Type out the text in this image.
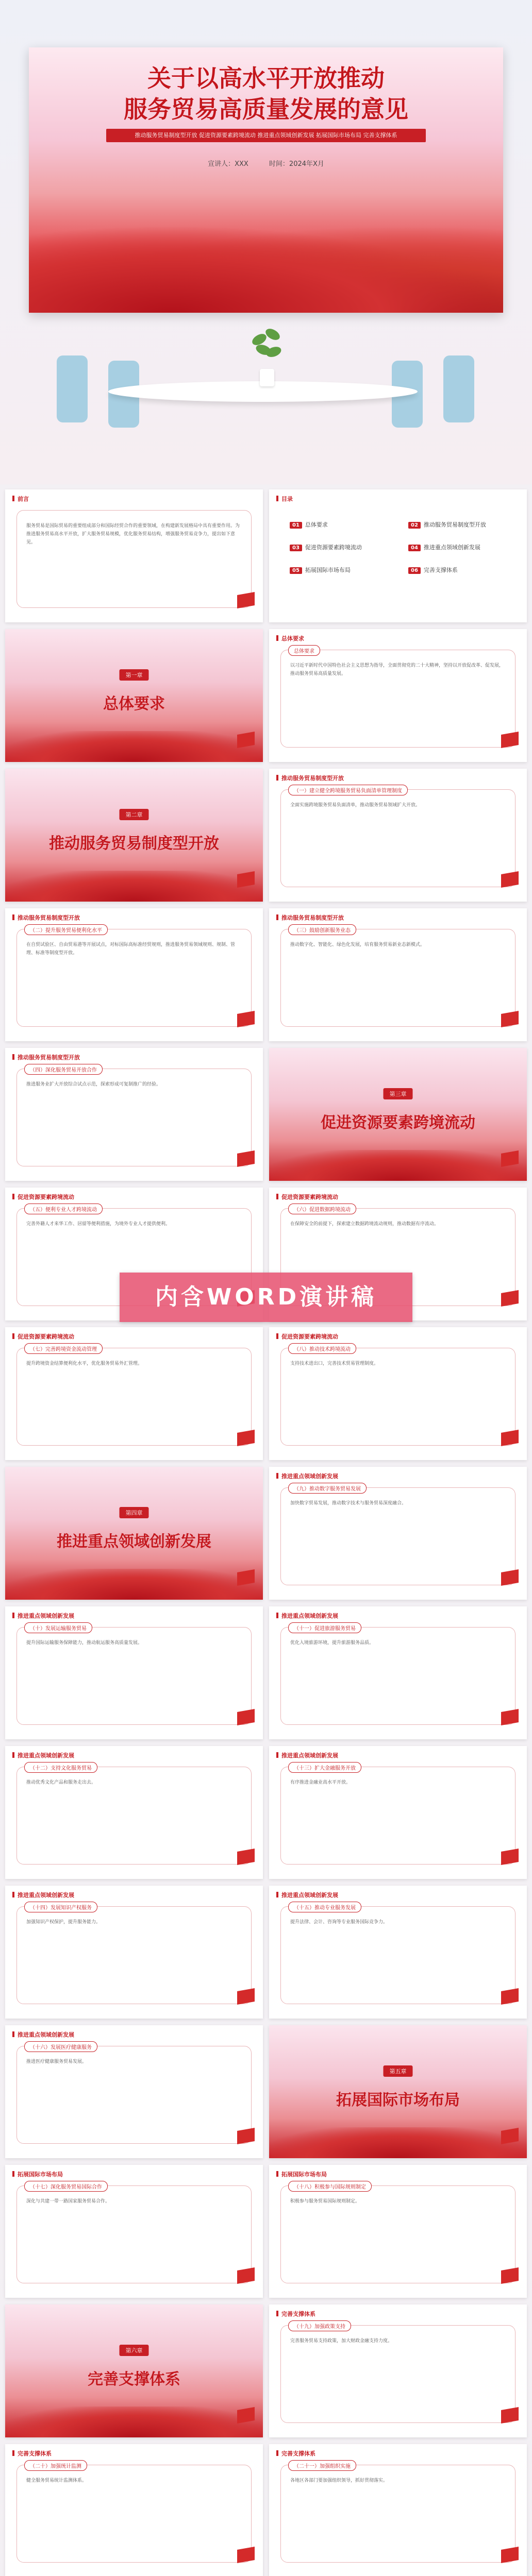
关于以高水平开放推动
服务贸易高质量发展的意见
推动服务贸易制度型开放 促进资源要素跨境流动 推进重点领域创新发展 拓展国际市场布局 完善支撑体系
宣讲人：XXX	时间：2024年X月
前言
服务贸易是国际贸易的重要组成部分和国际经贸合作的重要领域，在构建新发展格局中具有重要作用。为推进服务贸易高水平开放，扩大服务贸易规模，优化服务贸易结构，增强服务贸易竞争力，提出如下意见。
目录
01 总体要求	02 推动服务贸易制度型开放
03 促进资源要素跨境流动	04 推进重点领域创新发展
05 拓展国际市场布局	06 完善支撑体系
第一章
总体要求
总体要求
总体要求
以习近平新时代中国特色社会主义思想为指导，全面贯彻党的二十大精神，坚持以开放促改革、促发展，推动服务贸易高质量发展。
第二章
推动服务贸易制度型开放
推动服务贸易制度型开放
（一）建立健全跨境服务贸易负面清单管理制度
全面实施跨境服务贸易负面清单，推动服务贸易领域扩大开放。
推动服务贸易制度型开放
（二）提升服务贸易便利化水平
在自贸试验区、自由贸易港等开展试点，对标国际高标准经贸规则，推进服务贸易领域规则、规制、管理、标准等制度型开放。
推动服务贸易制度型开放
（三）鼓励创新服务业态
推动数字化、智能化、绿色化发展，培育服务贸易新业态新模式。
推动服务贸易制度型开放
（四）深化服务贸易开放合作
推进服务业扩大开放综合试点示范，探索形成可复制推广的经验。
第三章
促进资源要素跨境流动
促进资源要素跨境流动
（五）便利专业人才跨境流动
完善外籍人才来华工作、居留等便利措施，为境外专业人才提供便利。
促进资源要素跨境流动
（六）促进数据跨境流动
在保障安全的前提下，探索建立数据跨境流动规则，推动数据有序流动。
促进资源要素跨境流动
（七）完善跨境资金流动管理
提升跨境资金结算便利化水平，优化服务贸易外汇管理。
促进资源要素跨境流动
（八）推动技术跨境流动
支持技术进出口，完善技术贸易管理制度。
第四章
推进重点领域创新发展
推进重点领域创新发展
（九）推动数字服务贸易发展
加快数字贸易发展，推动数字技术与服务贸易深度融合。
推进重点领域创新发展
（十）发展运输服务贸易
提升国际运输服务保障能力，推动航运服务高质量发展。
推进重点领域创新发展
（十一）促进旅游服务贸易
优化入境旅游环境，提升旅游服务品质。
推进重点领域创新发展
（十二）支持文化服务贸易
推动优秀文化产品和服务走出去。
推进重点领域创新发展
（十三）扩大金融服务开放
有序推进金融业高水平开放。
推进重点领域创新发展
（十四）发展知识产权服务
加强知识产权保护，提升服务能力。
推进重点领域创新发展
（十五）推动专业服务发展
提升法律、会计、咨询等专业服务国际竞争力。
推进重点领域创新发展
（十六）发展医疗健康服务
推进医疗健康服务贸易发展。
第五章
拓展国际市场布局
拓展国际市场布局
（十七）深化服务贸易国际合作
深化与共建一带一路国家服务贸易合作。
拓展国际市场布局
（十八）积极参与国际规则制定
积极参与服务贸易国际规则制定。
第六章
完善支撑体系
完善支撑体系
（十九）加强政策支持
完善服务贸易支持政策，加大财政金融支持力度。
完善支撑体系
（二十）加强统计监测
健全服务贸易统计监测体系。
完善支撑体系
（二十一）加强组织实施
各地区各部门要加强组织领导，抓好贯彻落实。
内含WORD演讲稿
